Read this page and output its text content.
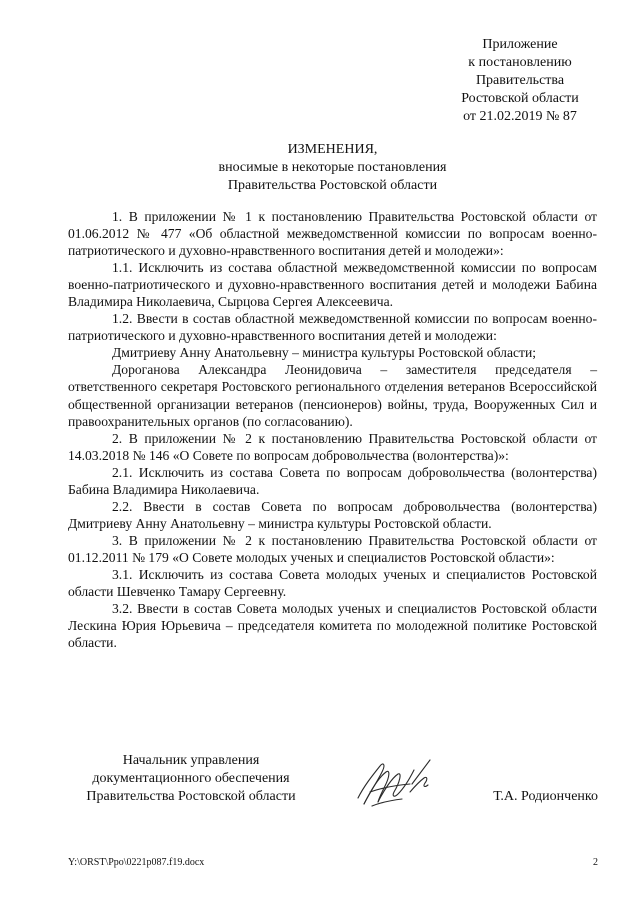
Приложение
к постановлению
Правительства
Ростовской области
от 21.02.2019 № 87
ИЗМЕНЕНИЯ,
вносимые в некоторые постановления
Правительства Ростовской области

1. В приложении № 1 к постановлению Правительства Ростовской области от 01.06.2012 № 477 «Об областной межведомственной комиссии по вопросам военно-патриотического и духовно-нравственного воспитания детей и молодежи»:

1.1. Исключить из состава областной межведомственной комиссии по вопросам военно-патриотического и духовно-нравственного воспитания детей и молодежи Бабина Владимира Николаевича, Сырцова Сергея Алексеевича.

1.2. Ввести в состав областной межведомственной комиссии по вопросам военно-патриотического и духовно-нравственного воспитания детей и молодежи:

Дмитриеву Анну Анатольевну – министра культуры Ростовской области;

Дороганова Александра Леонидовича – заместителя председателя – ответственного секретаря Ростовского регионального отделения ветеранов Всероссийской общественной организации ветеранов (пенсионеров) войны, труда, Вооруженных Сил и правоохранительных органов (по согласованию).

2. В приложении № 2 к постановлению Правительства Ростовской области от 14.03.2018 № 146 «О Совете по вопросам добровольчества (волонтерства)»:

2.1. Исключить из состава Совета по вопросам добровольчества (волонтерства) Бабина Владимира Николаевича.

2.2. Ввести в состав Совета по вопросам добровольчества (волонтерства) Дмитриеву Анну Анатольевну – министра культуры Ростовской области.

3. В приложении № 2 к постановлению Правительства Ростовской области от 01.12.2011 № 179 «О Совете молодых ученых и специалистов Ростовской области»:

3.1. Исключить из состава Совета молодых ученых и специалистов Ростовской области Шевченко Тамару Сергеевну.

3.2. Ввести в состав Совета молодых ученых и специалистов Ростовской области Лескина Юрия Юрьевича – председателя комитета по молодежной политике Ростовской области.

Начальник управления
документационного обеспечения
Правительства Ростовской области	Т.А. Родионченко
Y:\ORST\Ppo\0221p087.f19.docx	2
